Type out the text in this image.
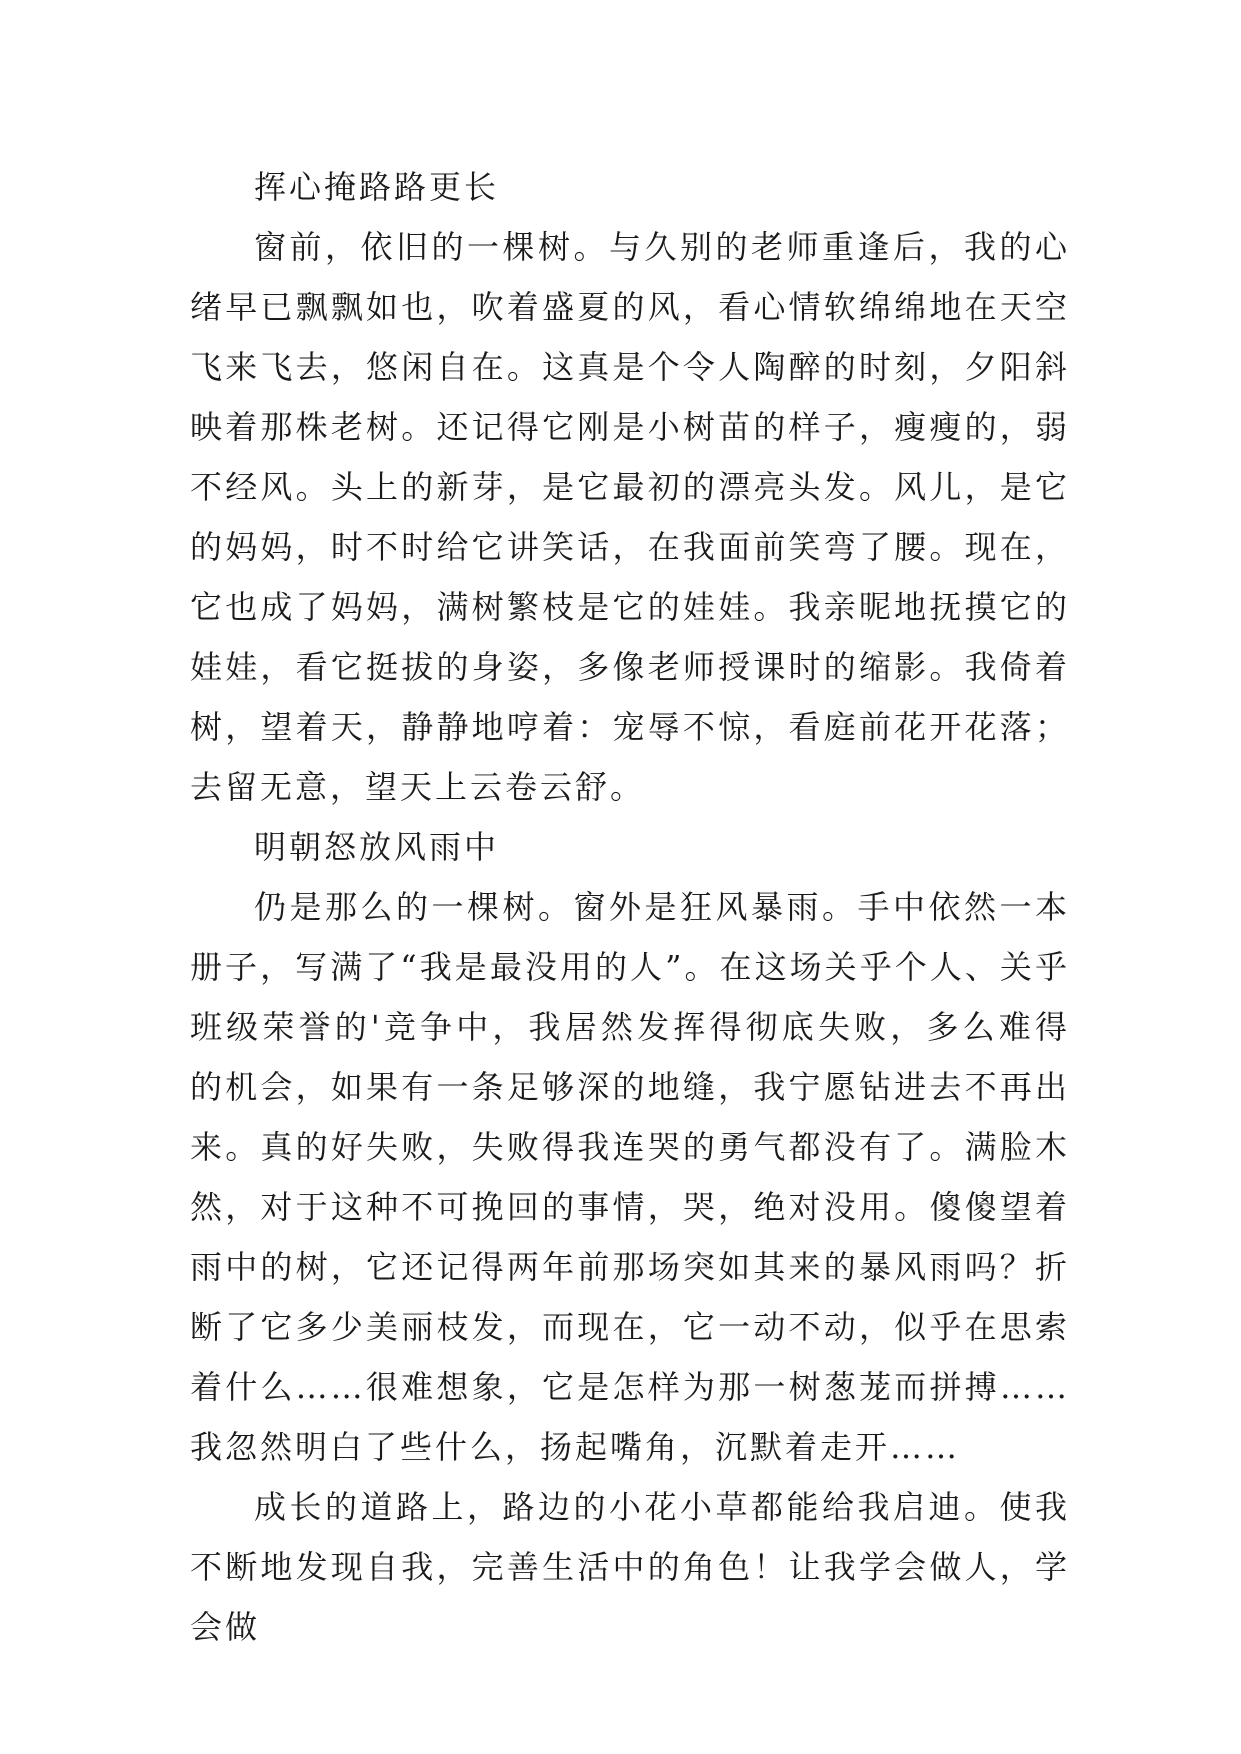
挥心掩路路更长

窗前，依旧的一棵树。与久别的老师重逢后，我的心绪早已飘飘如也，吹着盛夏的风，看心情软绵绵地在天空飞来飞去，悠闲自在。这真是个令人陶醉的时刻，夕阳斜映着那株老树。还记得它刚是小树苗的样子，瘦瘦的，弱不经风。头上的新芽，是它最初的漂亮头发。风儿，是它的妈妈，时不时给它讲笑话，在我面前笑弯了腰。现在，它也成了妈妈，满树繁枝是它的娃娃。我亲昵地抚摸它的娃娃，看它挺拔的身姿，多像老师授课时的缩影。我倚着树，望着天，静静地哼着：宠辱不惊，看庭前花开花落；去留无意，望天上云卷云舒。

明朝怒放风雨中

仍是那么的一棵树。窗外是狂风暴雨。手中依然一本册子，写满了“我是最没用的人”。在这场关乎个人、关乎班级荣誉的'竞争中，我居然发挥得彻底失败，多么难得的机会，如果有一条足够深的地缝，我宁愿钻进去不再出来。真的好失败，失败得我连哭的勇气都没有了。满脸木然，对于这种不可挽回的事情，哭，绝对没用。傻傻望着雨中的树，它还记得两年前那场突如其来的暴风雨吗？折断了它多少美丽枝发，而现在，它一动不动，似乎在思索着什么……很难想象，它是怎样为那一树葱茏而拼搏……我忽然明白了些什么，扬起嘴角，沉默着走开……

成长的道路上，路边的小花小草都能给我启迪。使我不断地发现自我，完善生活中的角色！让我学会做人，学会做
